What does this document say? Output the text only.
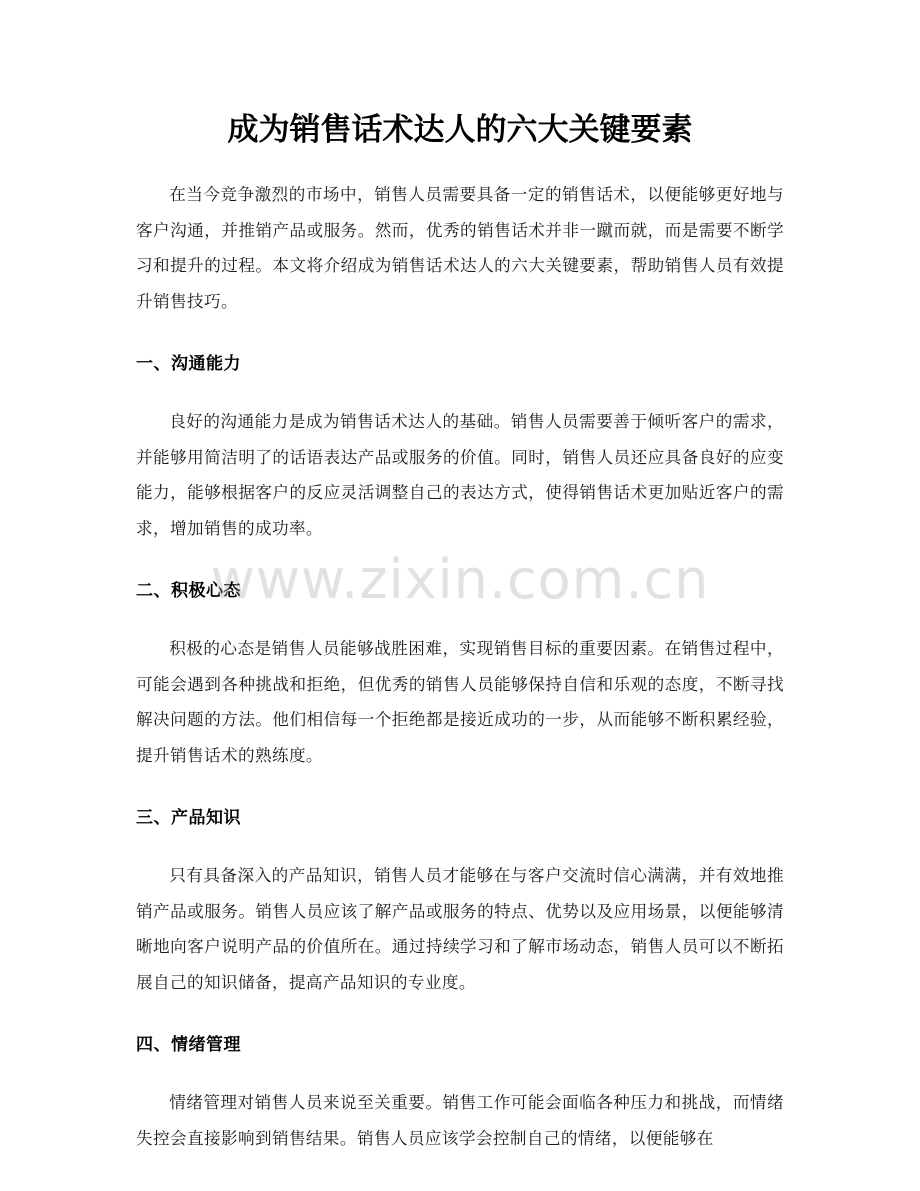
成为销售话术达人的六大关键要素

在当今竞争激烈的市场中，销售人员需要具备一定的销售话术，以便能够更好地与客户沟通，并推销产品或服务。然而，优秀的销售话术并非一蹴而就，而是需要不断学习和提升的过程。本文将介绍成为销售话术达人的六大关键要素，帮助销售人员有效提升销售技巧。

一、沟通能力

良好的沟通能力是成为销售话术达人的基础。销售人员需要善于倾听客户的需求，并能够用简洁明了的话语表达产品或服务的价值。同时，销售人员还应具备良好的应变能力，能够根据客户的反应灵活调整自己的表达方式，使得销售话术更加贴近客户的需求，增加销售的成功率。

二、积极心态

积极的心态是销售人员能够战胜困难，实现销售目标的重要因素。在销售过程中，可能会遇到各种挑战和拒绝，但优秀的销售人员能够保持自信和乐观的态度，不断寻找解决问题的方法。他们相信每一个拒绝都是接近成功的一步，从而能够不断积累经验，提升销售话术的熟练度。

三、产品知识

只有具备深入的产品知识，销售人员才能够在与客户交流时信心满满，并有效地推销产品或服务。销售人员应该了解产品或服务的特点、优势以及应用场景，以便能够清晰地向客户说明产品的价值所在。通过持续学习和了解市场动态，销售人员可以不断拓展自己的知识储备，提高产品知识的专业度。

四、情绪管理

情绪管理对销售人员来说至关重要。销售工作可能会面临各种压力和挑战，而情绪失控会直接影响到销售结果。销售人员应该学会控制自己的情绪，以便能够在

www.zixin.com.cn
